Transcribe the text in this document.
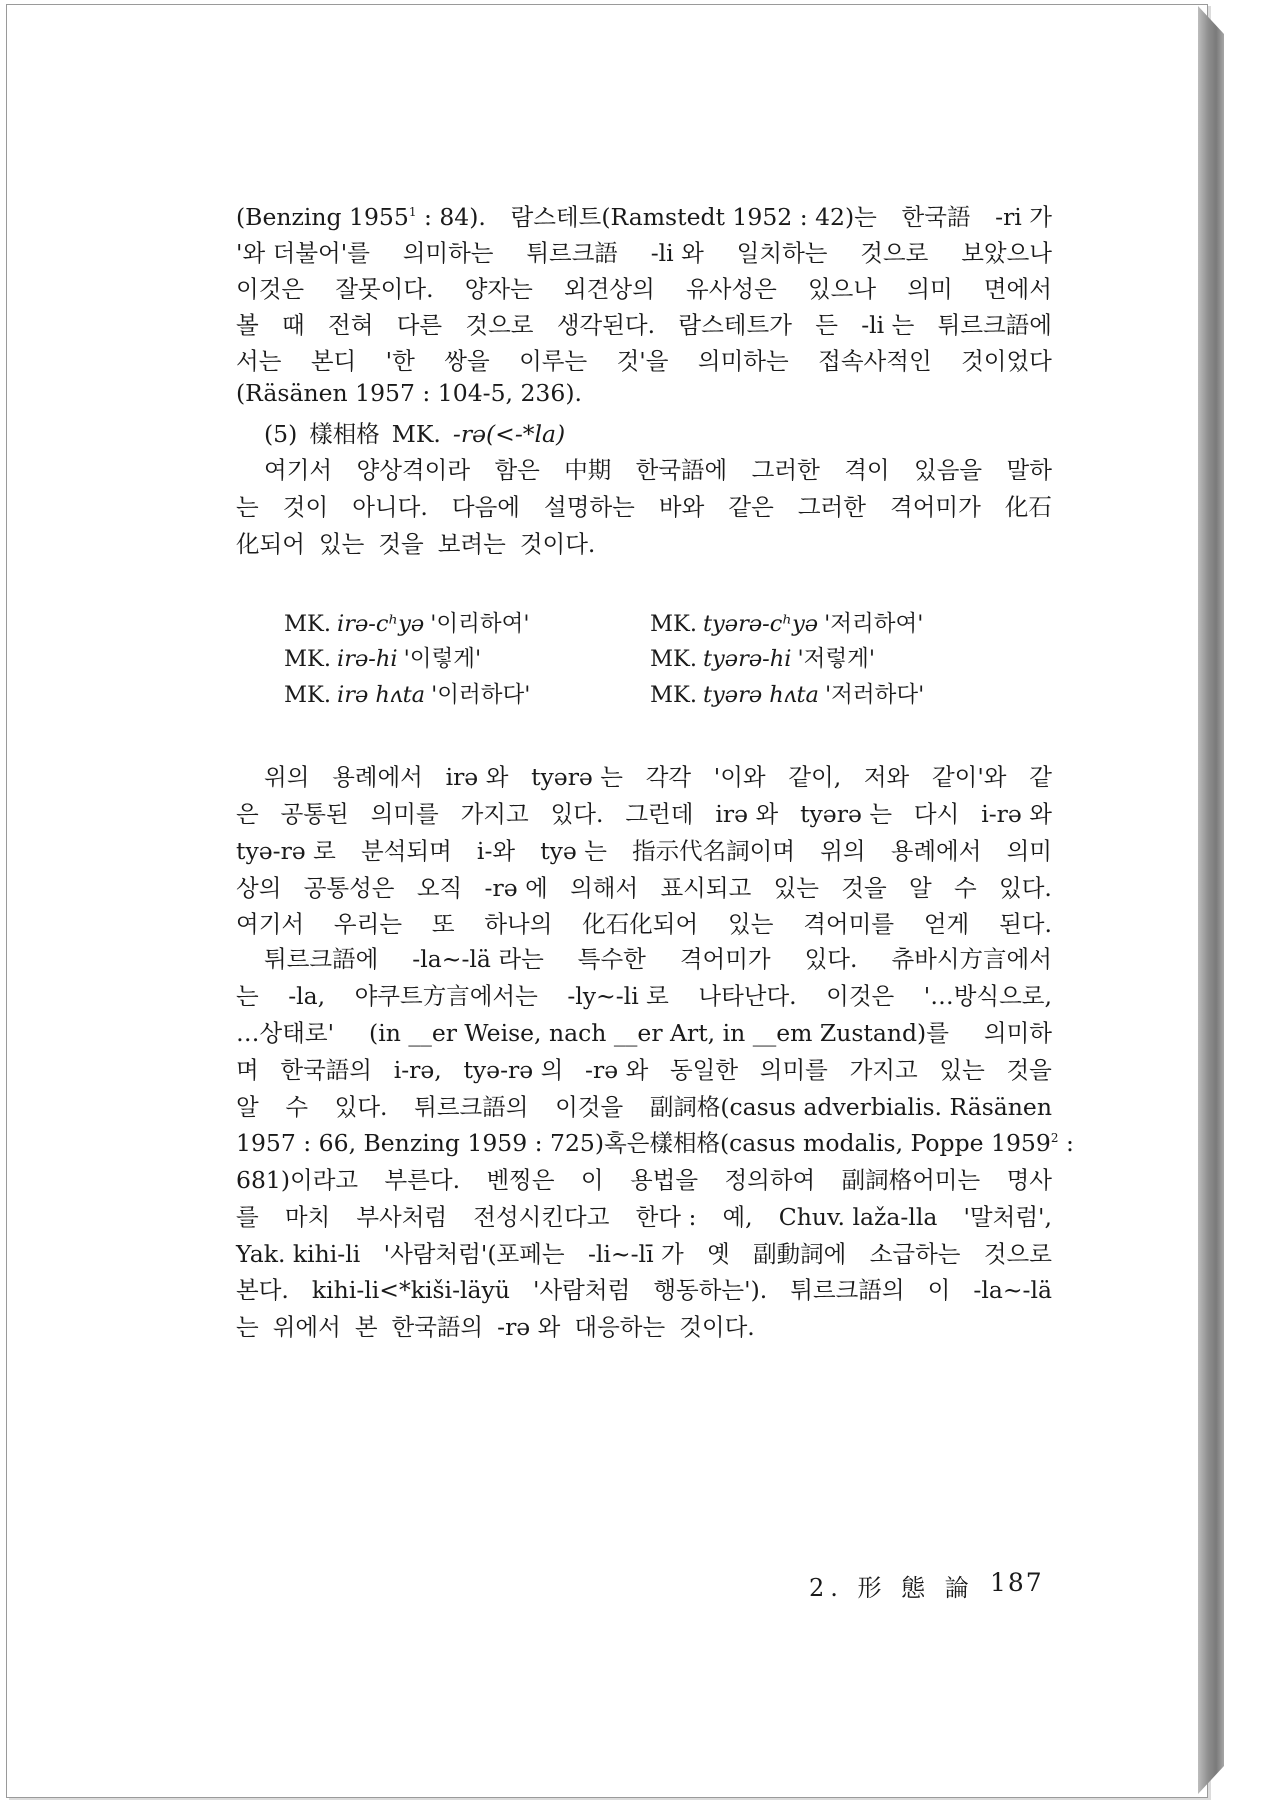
(Benzing 1955$^1$ : 84). 람스테트(Ramstedt 1952 : 42)는 한국語 -ri 가
'와 더불어'를 의미하는 튀르크語 -li 와 일치하는 것으로 보았으나
이것은 잘못이다. 양자는 외견상의 유사성은 있으나 의미 면에서
볼 때 전혀 다른 것으로 생각된다. 람스테트가 든 -li 는 튀르크語에
서는 본디 '한 쌍을 이루는 것'을 의미하는 접속사적인 것이었다
(Räsänen 1957 : 104-5, 236).
(5) 樣相格 MK. -rə(<-*la)
여기서 양상격이라 함은 中期 한국語에 그러한 격이 있음을 말하
는 것이 아니다. 다음에 설명하는 바와 같은 그러한 격어미가 化石
化되어 있는 것을 보려는 것이다.
위의 용례에서 irə 와 tyərə 는 각각 '이와 같이, 저와 같이'와 같
은 공통된 의미를 가지고 있다. 그런데 irə 와 tyərə 는 다시 i-rə 와
tyə-rə 로 분석되며 i-와 tyə 는 指示代名詞이며 위의 용례에서 의미
상의 공통성은 오직 -rə 에 의해서 표시되고 있는 것을 알 수 있다.
여기서 우리는 또 하나의 化石化되어 있는 격어미를 얻게 된다.
튀르크語에 -la~-lä 라는 특수한 격어미가 있다. 츄바시方言에서
는 -la, 야쿠트方言에서는 -ly~-li 로 나타난다. 이것은 '…방식으로,
…상태로' (in __er Weise, nach __er Art, in __em Zustand)를 의미하
며 한국語의 i-rə, tyə-rə 의 -rə 와 동일한 의미를 가지고 있는 것을
알 수 있다. 튀르크語의 이것을 副詞格(casus adverbialis. Räsänen
1957 : 66, Benzing 1959 : 725) 혹은 樣相格(casus modalis, Poppe 1959$^2$ :
681)이라고 부른다. 벤찡은 이 용법을 정의하여 副詞格어미는 명사
를 마치 부사처럼 전성시킨다고 한다 : 예, Chuv. laža-lla '말처럼',
Yak. kihi-li '사람처럼'(포페는 -li~-lī 가 옛 副動詞에 소급하는 것으로
본다. kihi-li<*kiši-läyü '사람처럼 행동하는'). 튀르크語의 이 -la~-lä
는 위에서 본 한국語의 -rə 와 대응하는 것이다.
MK. irə-cʰyə '이리하여'	MK. tyərə-cʰyə '저리하여'
MK. irə-hi '이렇게'	MK. tyərə-hi '저렇게'
MK. irə hʌta '이러하다'	MK. tyərə hʌta '저러하다'
2. 形 態 論 187
